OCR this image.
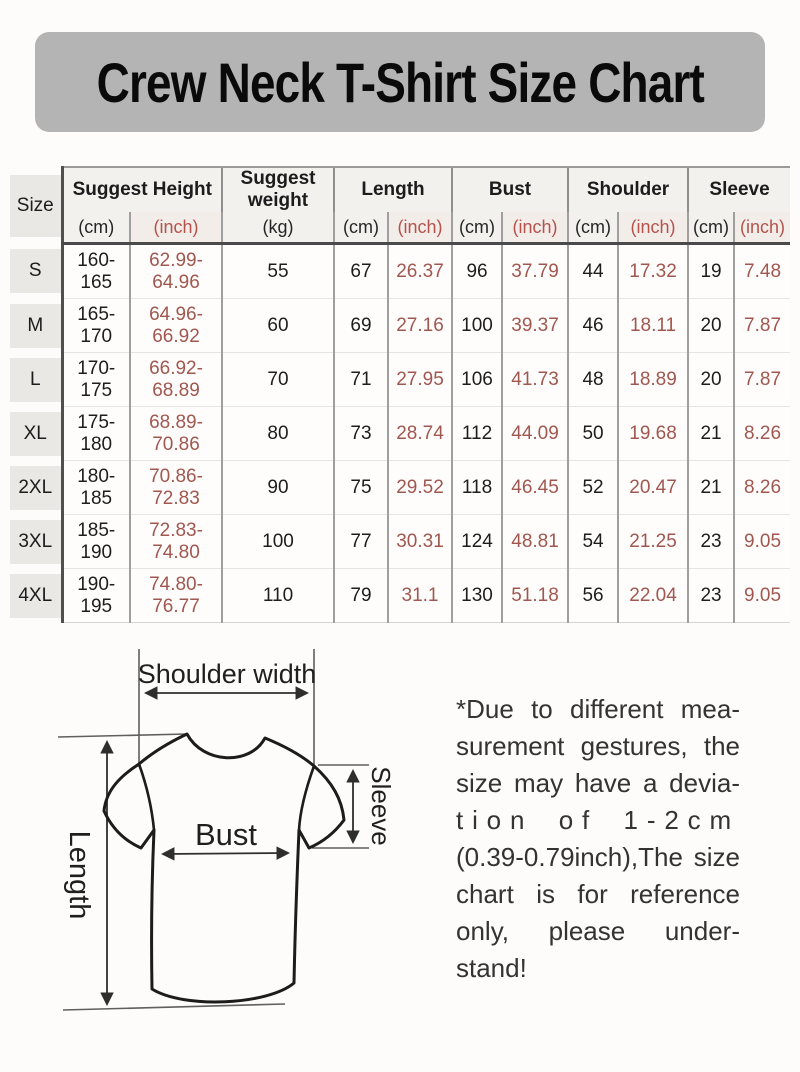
Crew Neck T-Shirt Size Chart
Size	Suggest Height		Suggest weight	Length		Bust		Shoulder		Sleeve	
	(cm)	(inch)	(kg)	(cm)	(inch)	(cm)	(inch)	(cm)	(inch)	(cm)	(inch)

S	160-165	62.99-64.96	55	67	26.37	96	37.79	44	17.32	19	7.48

M	165-170	64.96-66.92	60	69	27.16	100	39.37	46	18.11	20	7.87

L	170-175	66.92-68.89	70	71	27.95	106	41.73	48	18.89	20	7.87

XL	175-180	68.89-70.86	80	73	28.74	112	44.09	50	19.68	21	8.26

2XL	180-185	70.86-72.83	90	75	29.52	118	46.45	52	20.47	21	8.26

3XL	185-190	72.83-74.80	100	77	30.31	124	48.81	54	21.25	23	9.05

4XL	190-195	74.80-76.77	110	79	31.1	130	51.18	56	22.04	23	9.05
Shoulder width
Bust	Sleeve
Length
*Due to different mea-
surement gestures, the
size may have a devia-
tion of 1-2cm
(0.39-0.79inch),The size
chart is for reference
only, please under-
stand!
